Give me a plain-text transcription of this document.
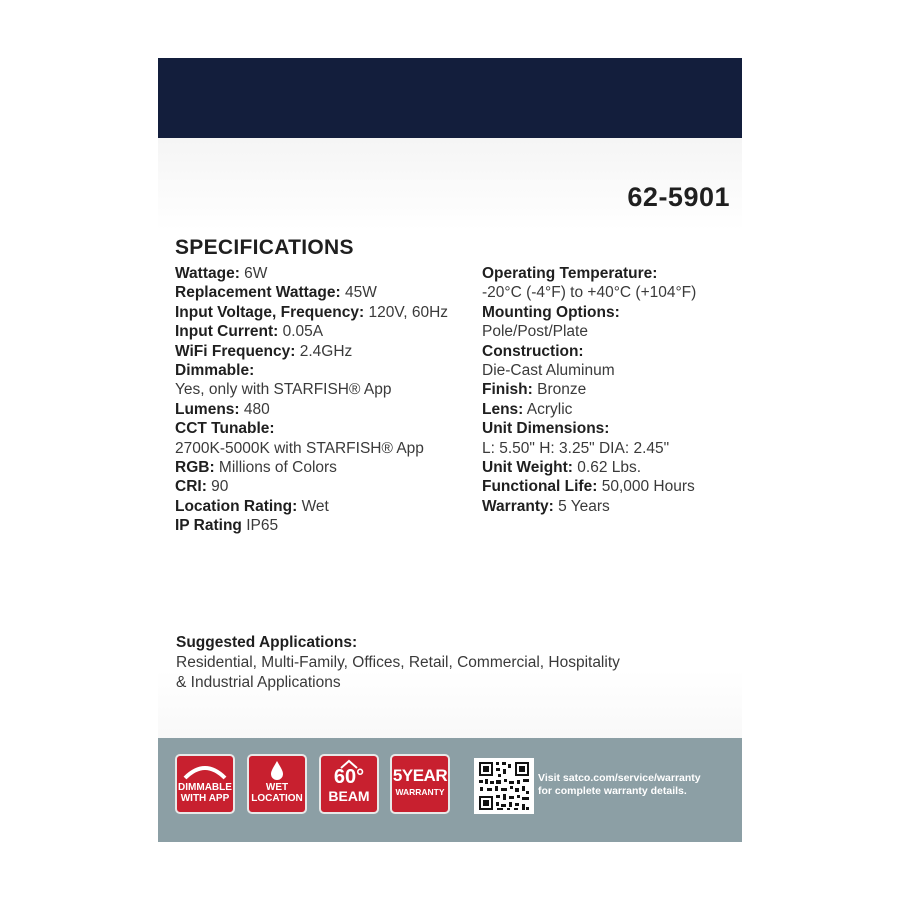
62-5901
SPECIFICATIONS
Wattage: 6W
Replacement Wattage: 45W
Input Voltage, Frequency: 120V, 60Hz
Input Current: 0.05A
WiFi Frequency: 2.4GHz
Dimmable:
Yes, only with STARFISH® App
Lumens: 480
CCT Tunable:
2700K-5000K with STARFISH® App
RGB: Millions of Colors
CRI: 90
Location Rating: Wet
IP Rating IP65
Operating Temperature:
-20°C (-4°F) to +40°C (+104°F)
Mounting Options:
Pole/Post/Plate
Construction:
Die-Cast Aluminum
Finish: Bronze
Lens: Acrylic
Unit Dimensions:
L: 5.50" H: 3.25" DIA: 2.45"
Unit Weight: 0.62 Lbs.
Functional Life: 50,000 Hours
Warranty: 5 Years
Suggested Applications:
Residential, Multi-Family, Offices, Retail, Commercial, Hospitality
& Industrial Applications
DIMMABLE
WITH APP
WET
LOCATION
60°
BEAM
5YEAR
WARRANTY
Visit satco.com/service/warranty
for complete warranty details.
